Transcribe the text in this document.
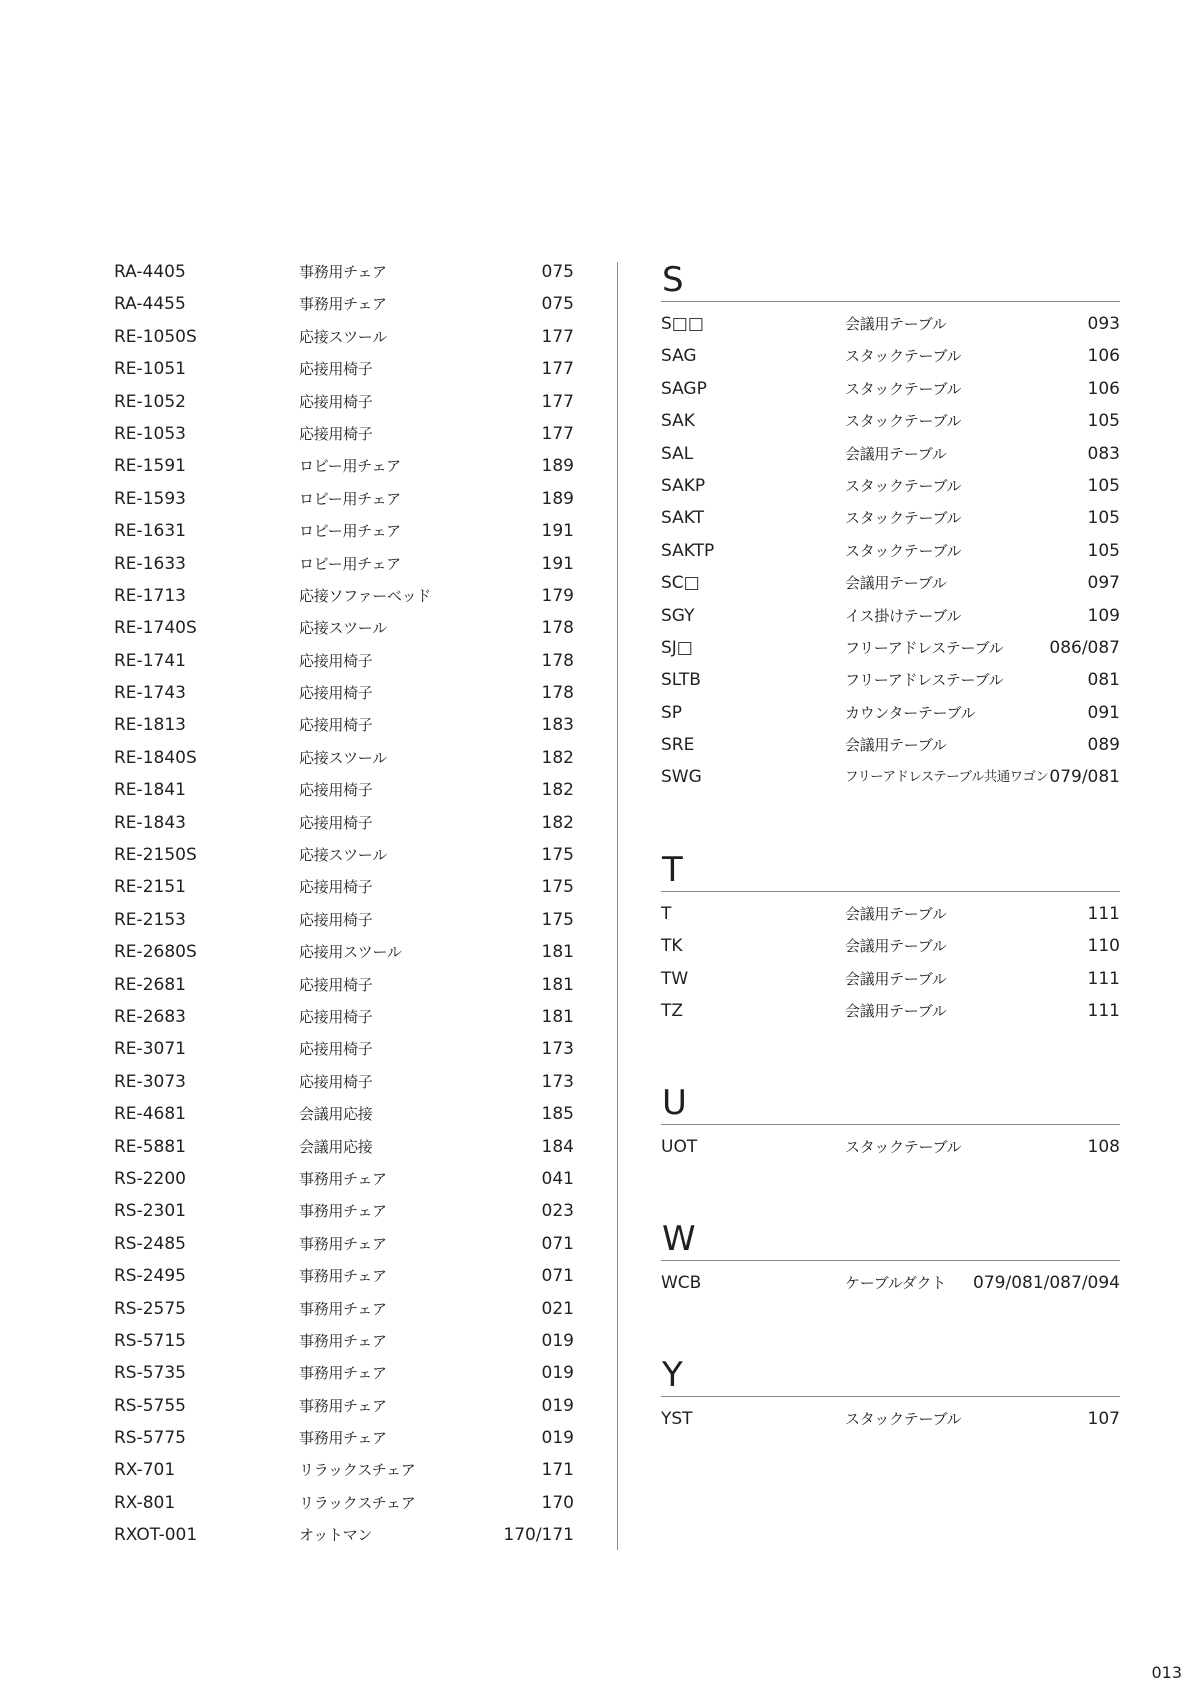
RA-4405	事務用チェア	075
RA-4455	事務用チェア	075
RE-1050S	応接スツール	177
RE-1051	応接用椅子	177
RE-1052	応接用椅子	177
RE-1053	応接用椅子	177
RE-1591	ロビー用チェア	189
RE-1593	ロビー用チェア	189
RE-1631	ロビー用チェア	191
RE-1633	ロビー用チェア	191
RE-1713	応接ソファーベッド	179
RE-1740S	応接スツール	178
RE-1741	応接用椅子	178
RE-1743	応接用椅子	178
RE-1813	応接用椅子	183
RE-1840S	応接スツール	182
RE-1841	応接用椅子	182
RE-1843	応接用椅子	182
RE-2150S	応接スツール	175
RE-2151	応接用椅子	175
RE-2153	応接用椅子	175
RE-2680S	応接用スツール	181
RE-2681	応接用椅子	181
RE-2683	応接用椅子	181
RE-3071	応接用椅子	173
RE-3073	応接用椅子	173
RE-4681	会議用応接	185
RE-5881	会議用応接	184
RS-2200	事務用チェア	041
RS-2301	事務用チェア	023
RS-2485	事務用チェア	071
RS-2495	事務用チェア	071
RS-2575	事務用チェア	021
RS-5715	事務用チェア	019
RS-5735	事務用チェア	019
RS-5755	事務用チェア	019
RS-5775	事務用チェア	019
RX-701	リラックスチェア	171
RX-801	リラックスチェア	170
RXOT-001	オットマン	170/171
S
S□□	会議用テーブル	093
SAG	スタックテーブル	106
SAGP	スタックテーブル	106
SAK	スタックテーブル	105
SAL	会議用テーブル	083
SAKP	スタックテーブル	105
SAKT	スタックテーブル	105
SAKTP	スタックテーブル	105
SC□	会議用テーブル	097
SGY	イス掛けテーブル	109
SJ□	フリーアドレステーブル	086/087
SLTB	フリーアドレステーブル	081
SP	カウンターテーブル	091
SRE	会議用テーブル	089
SWG	フリーアドレステーブル共通ワゴン 079/081
T
T	会議用テーブル	111
TK	会議用テーブル	110
TW	会議用テーブル	111
TZ	会議用テーブル	111
U
UOT	スタックテーブル	108
W
WCB	ケーブルダクト 079/081/087/094
Y
YST	スタックテーブル	107
013
